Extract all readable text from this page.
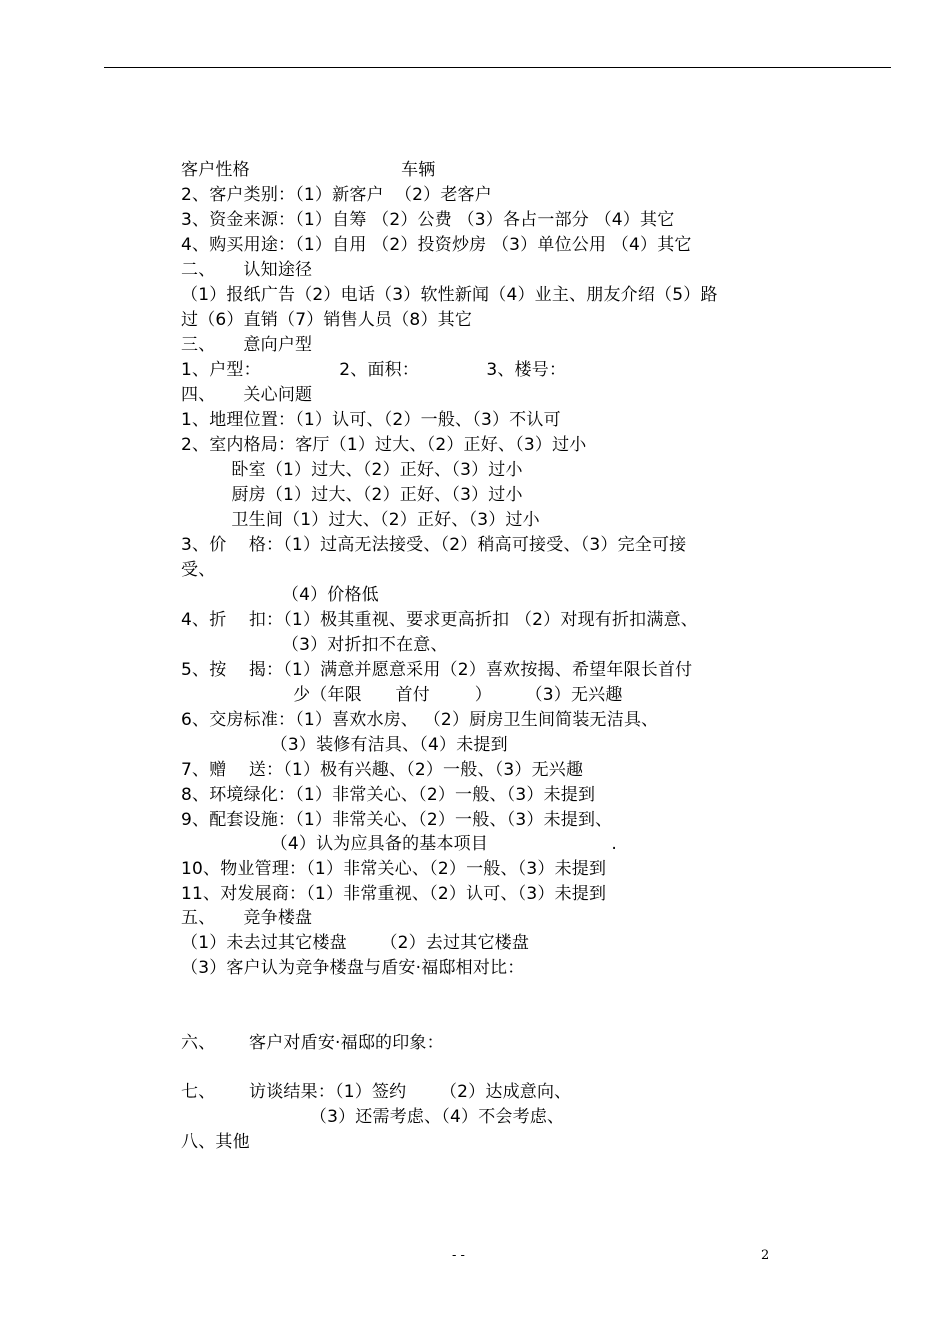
客户性格                           车辆
2、客户类别：（1）新客户  （2）老客户
3、资金来源：（1）自筹 （2）公费 （3）各占一部分 （4）其它
4、购买用途：（1）自用 （2）投资炒房 （3）单位公用 （4）其它
二、     认知途径
（1）报纸广告（2）电话（3）软性新闻（4）业主、朋友介绍（5）路
过（6）直销（7）销售人员（8）其它
三、     意向户型
1、户型：              2、面积：            3、楼号：
四、     关心问题
1、地理位置：（1）认可、（2）一般、（3）不认可
2、室内格局：客厅（1）过大、（2）正好、（3）过小
卧室（1）过大、（2）正好、（3）过小
厨房（1）过大、（2）正好、（3）过小
卫生间（1）过大、（2）正好、（3）过小
3、价    格：（1）过高无法接受、（2）稍高可接受、（3）完全可接
受、
（4）价格低
4、折    扣：（1）极其重视、要求更高折扣 （2）对现有折扣满意、
（3）对折扣不在意、
5、按    揭：（1）满意并愿意采用（2）喜欢按揭、希望年限长首付
少（年限      首付        ）      （3）无兴趣
6、交房标准：（1）喜欢水房、 （2）厨房卫生间简装无洁具、
（3）装修有洁具、（4）未提到
7、赠    送：（1）极有兴趣、（2）一般、（3）无兴趣
8、环境绿化：（1）非常关心、（2）一般、（3）未提到
9、配套设施：（1）非常关心、（2）一般、（3）未提到、
（4）认为应具备的基本项目                      .
10、物业管理：（1）非常关心、（2）一般、（3）未提到
11、对发展商：（1）非常重视、（2）认可、（3）未提到
五、     竞争楼盘
（1）未去过其它楼盘      （2）去过其它楼盘
（3）客户认为竞争楼盘与盾安·福邸相对比：
六、      客户对盾安·福邸的印象：
七、      访谈结果：（1）签约      （2）达成意向、
（3）还需考虑、（4）不会考虑、
八、其他
- -	2
